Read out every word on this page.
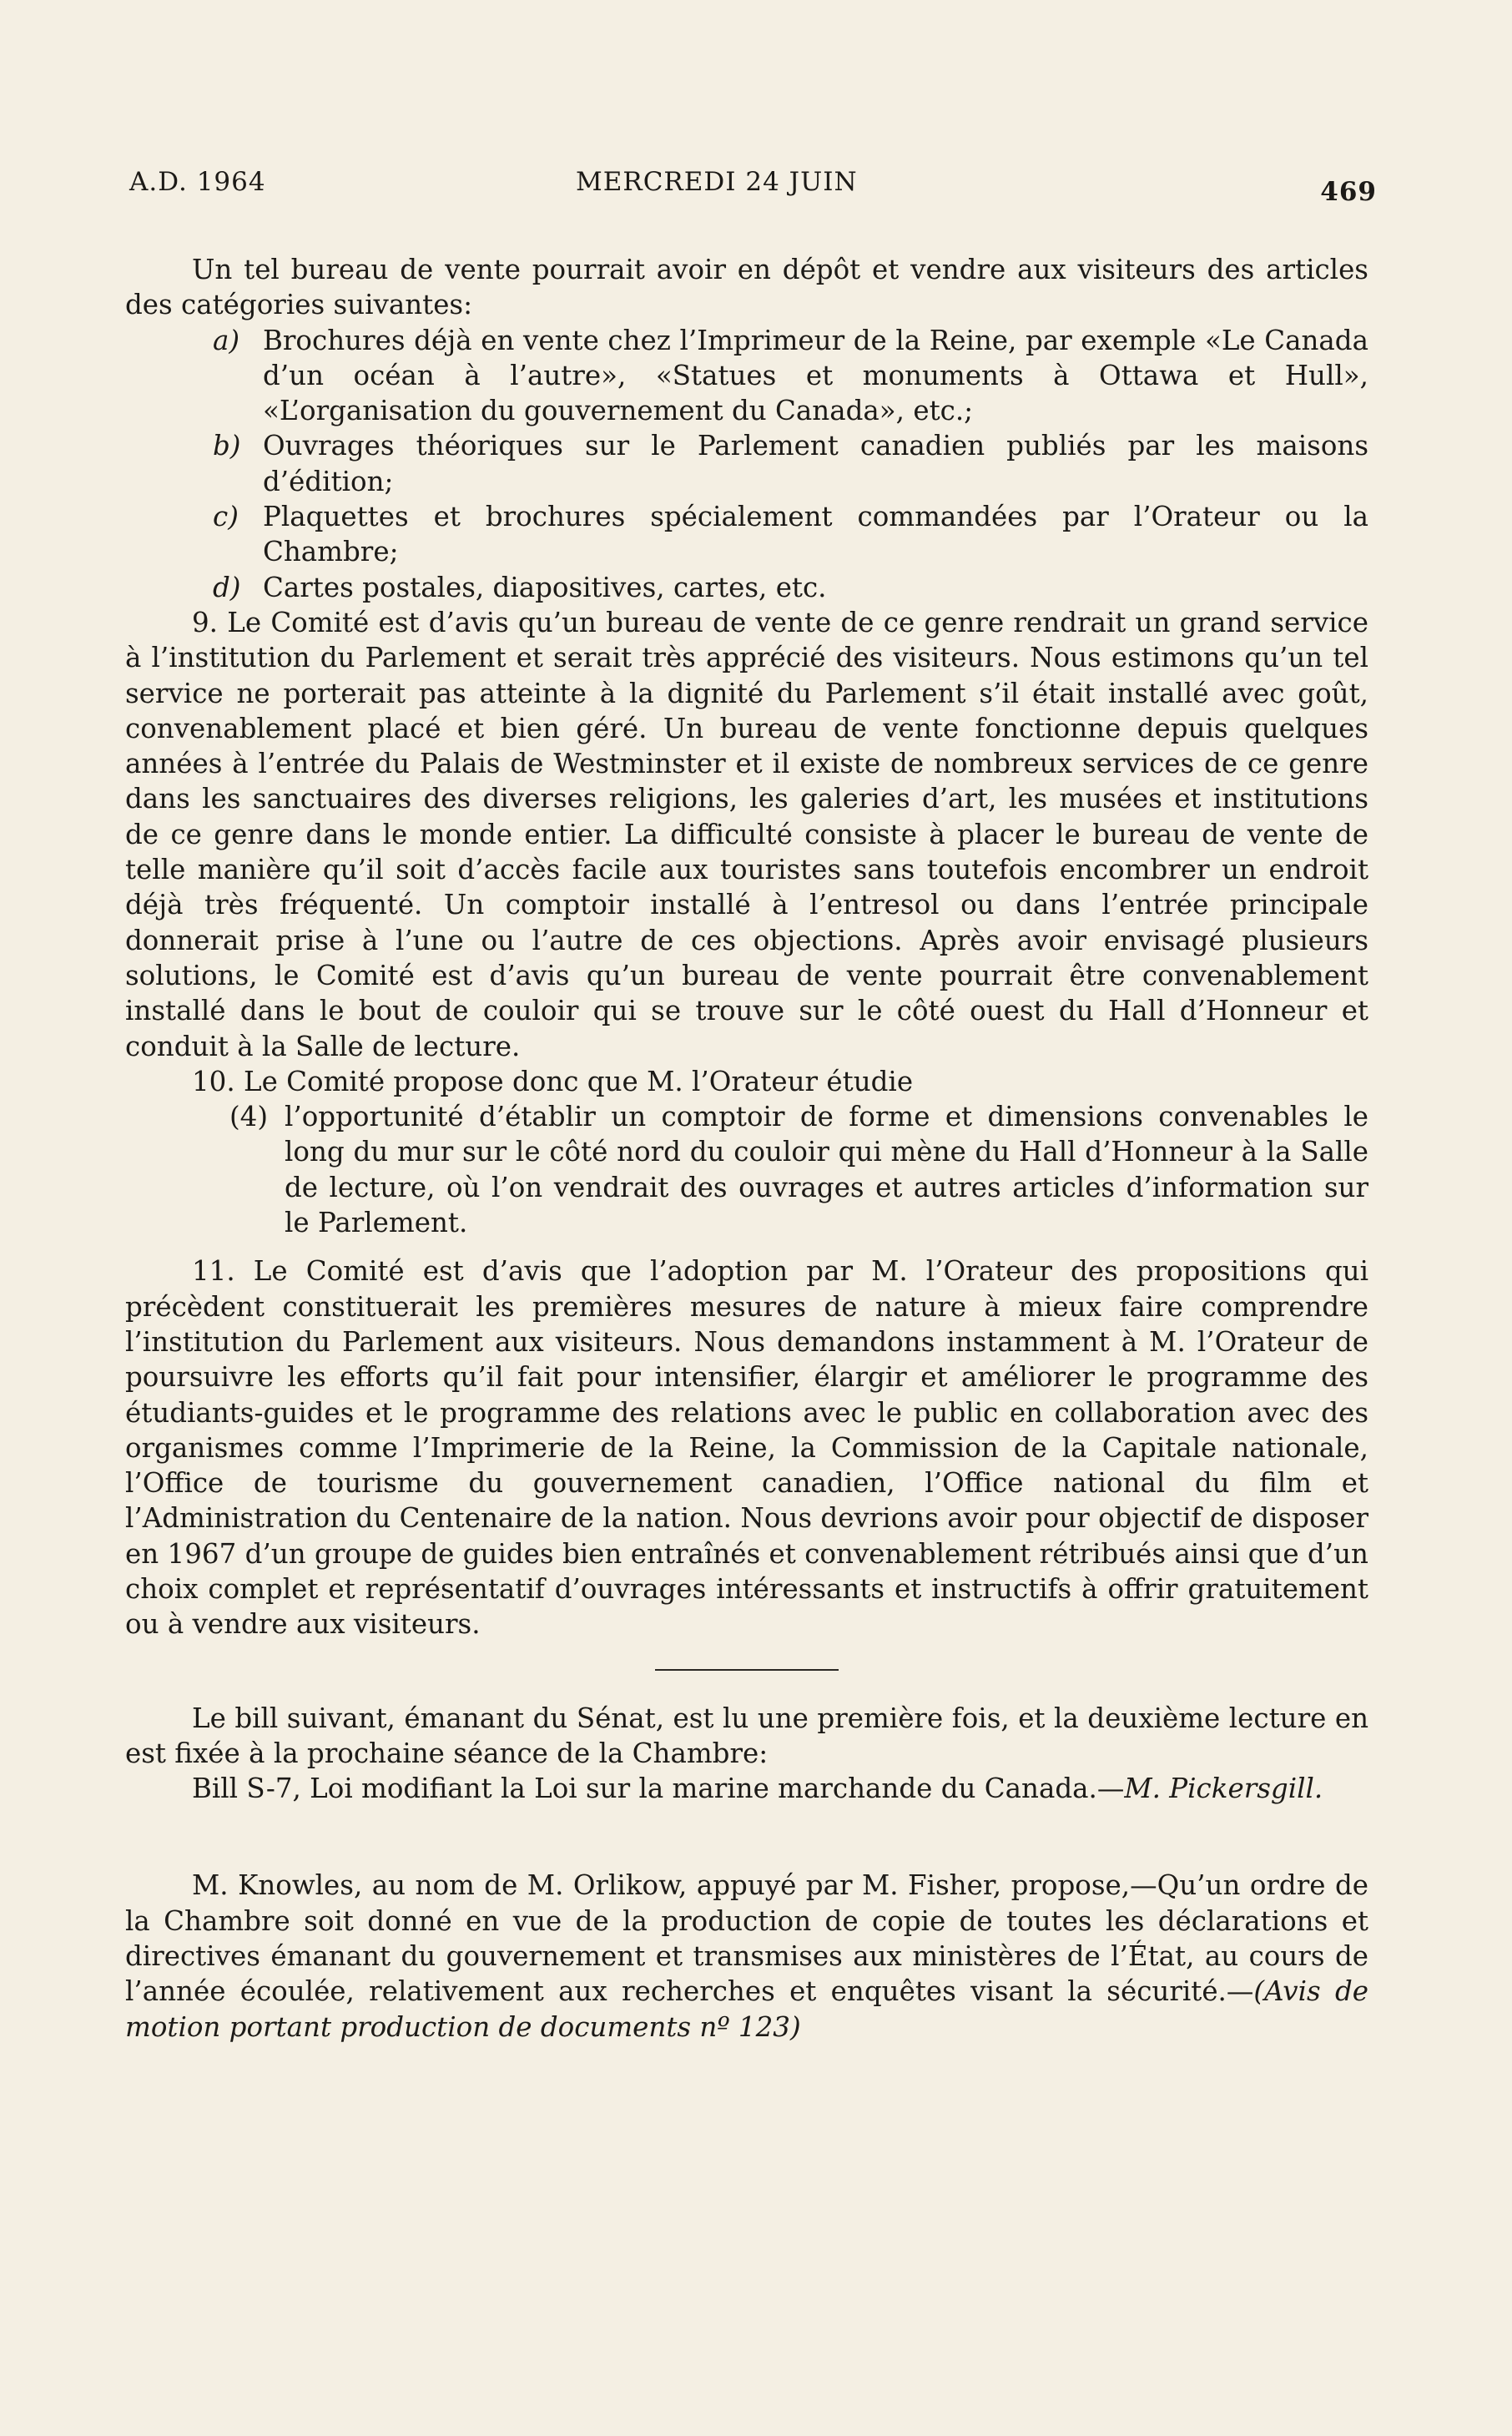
A.D. 1964	MERCREDI 24 JUIN	469

Un tel bureau de vente pourrait avoir en dépôt et vendre aux visiteurs des articles des catégories suivantes:

a) Brochures déjà en vente chez l’Imprimeur de la Reine, par exemple «Le Canada d’un océan à l’autre», «Statues et monuments à Ottawa et Hull», «L’organisation du gouvernement du Canada», etc.;
b) Ouvrages théoriques sur le Parlement canadien publiés par les maisons d’édition;
c) Plaquettes et brochures spécialement commandées par l’Orateur ou la Chambre;
d) Cartes postales, diapositives, cartes, etc.

9. Le Comité est d’avis qu’un bureau de vente de ce genre rendrait un grand service à l’institution du Parlement et serait très apprécié des visiteurs. Nous estimons qu’un tel service ne porterait pas atteinte à la dignité du Parlement s’il était installé avec goût, convenablement placé et bien géré. Un bureau de vente fonctionne depuis quelques années à l’entrée du Palais de Westminster et il existe de nombreux services de ce genre dans les sanctuaires des diverses religions, les galeries d’art, les musées et institutions de ce genre dans le monde entier. La difficulté consiste à placer le bureau de vente de telle manière qu’il soit d’accès facile aux touristes sans toutefois encombrer un endroit déjà très fréquenté. Un comptoir installé à l’entresol ou dans l’entrée principale donnerait prise à l’une ou l’autre de ces objections. Après avoir envisagé plusieurs solutions, le Comité est d’avis qu’un bureau de vente pourrait être convenablement installé dans le bout de couloir qui se trouve sur le côté ouest du Hall d’Honneur et conduit à la Salle de lecture.

10. Le Comité propose donc que M. l’Orateur étudie

(4) l’opportunité d’établir un comptoir de forme et dimensions convenables le long du mur sur le côté nord du couloir qui mène du Hall d’Honneur à la Salle de lecture, où l’on vendrait des ouvrages et autres articles d’information sur le Parlement.

11. Le Comité est d’avis que l’adoption par M. l’Orateur des propositions qui précèdent constituerait les premières mesures de nature à mieux faire comprendre l’institution du Parlement aux visiteurs. Nous demandons instamment à M. l’Orateur de poursuivre les efforts qu’il fait pour intensifier, élargir et améliorer le programme des étudiants-guides et le programme des relations avec le public en collaboration avec des organismes comme l’Imprimerie de la Reine, la Commission de la Capitale nationale, l’Office de tourisme du gouvernement canadien, l’Office national du film et l’Administration du Centenaire de la nation. Nous devrions avoir pour objectif de disposer en 1967 d’un groupe de guides bien entraînés et convenablement rétribués ainsi que d’un choix complet et représentatif d’ouvrages intéressants et instructifs à offrir gratuitement ou à vendre aux visiteurs.

Le bill suivant, émanant du Sénat, est lu une première fois, et la deuxième lecture en est fixée à la prochaine séance de la Chambre:

Bill S-7, Loi modifiant la Loi sur la marine marchande du Canada.—M. Pickersgill.

M. Knowles, au nom de M. Orlikow, appuyé par M. Fisher, propose,—Qu’un ordre de la Chambre soit donné en vue de la production de copie de toutes les déclarations et directives émanant du gouvernement et transmises aux ministères de l’État, au cours de l’année écoulée, relativement aux recherches et enquêtes visant la sécurité.—(Avis de motion portant production de documents nº 123)
